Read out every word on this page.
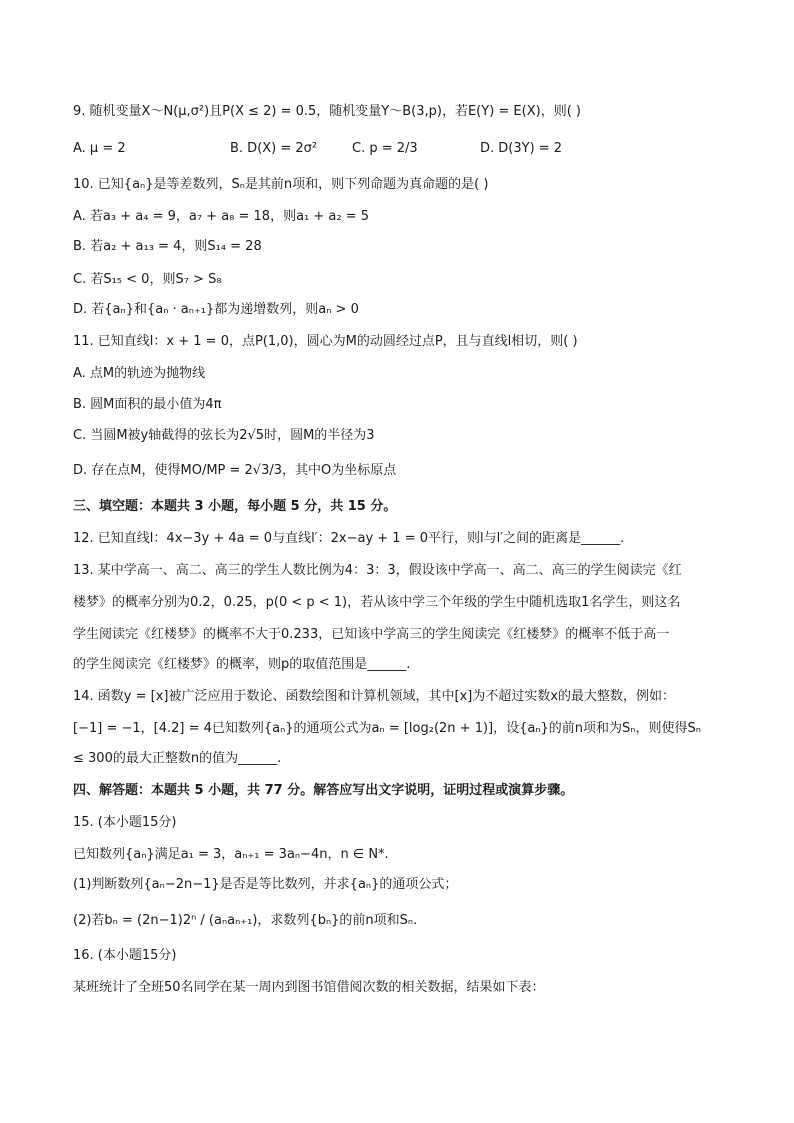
9. 随机变量X～N(μ,σ²)且P(X ≤ 2) = 0.5，随机变量Y～B(3,p)，若E(Y) = E(X)，则( )
A. μ = 2	B. D(X) = 2σ²	C. p = 2/3	D. D(3Y) = 2
10. 已知{aₙ}是等差数列，Sₙ是其前n项和，则下列命题为真命题的是( )
A. 若a₃ + a₄ = 9，a₇ + a₈ = 18，则a₁ + a₂ = 5
B. 若a₂ + a₁₃ = 4，则S₁₄ = 28
C. 若S₁₅ < 0，则S₇ > S₈
D. 若{aₙ}和{aₙ · aₙ₊₁}都为递增数列，则aₙ > 0
11. 已知直线l：x + 1 = 0，点P(1,0)，圆心为M的动圆经过点P，且与直线l相切，则( )
A. 点M的轨迹为抛物线
B. 圆M面积的最小值为4π
C. 当圆M被y轴截得的弦长为2√5时，圆M的半径为3
D. 存在点M，使得MO/MP = 2√3/3，其中O为坐标原点
三、填空题：本题共 3 小题，每小题 5 分，共 15 分。
12. 已知直线l：4x−3y + 4a = 0与直线l′：2x−ay + 1 = 0平行，则l与l′之间的距离是______.
13. 某中学高一、高二、高三的学生人数比例为4：3：3，假设该中学高一、高二、高三的学生阅读完《红
楼梦》的概率分别为0.2，0.25，p(0 < p < 1)，若从该中学三个年级的学生中随机选取1名学生，则这名
学生阅读完《红楼梦》的概率不大于0.233，已知该中学高三的学生阅读完《红楼梦》的概率不低于高一
的学生阅读完《红楼梦》的概率，则p的取值范围是______.
14. 函数y = [x]被广泛应用于数论、函数绘图和计算机领域，其中[x]为不超过实数x的最大整数，例如：
[−1] = −1，[4.2] = 4已知数列{aₙ}的通项公式为aₙ = [log₂(2n + 1)]，设{aₙ}的前n项和为Sₙ，则使得Sₙ
≤ 300的最大正整数n的值为______.
四、解答题：本题共 5 小题，共 77 分。解答应写出文字说明，证明过程或演算步骤。
15. (本小题15分)
已知数列{aₙ}满足a₁ = 3，aₙ₊₁ = 3aₙ−4n，n ∈ N*.
(1)判断数列{aₙ−2n−1}是否是等比数列，并求{aₙ}的通项公式；
(2)若bₙ = (2n−1)2ⁿ / (aₙaₙ₊₁)，求数列{bₙ}的前n项和Sₙ.
16. (本小题15分)
某班统计了全班50名同学在某一周内到图书馆借阅次数的相关数据，结果如下表：
